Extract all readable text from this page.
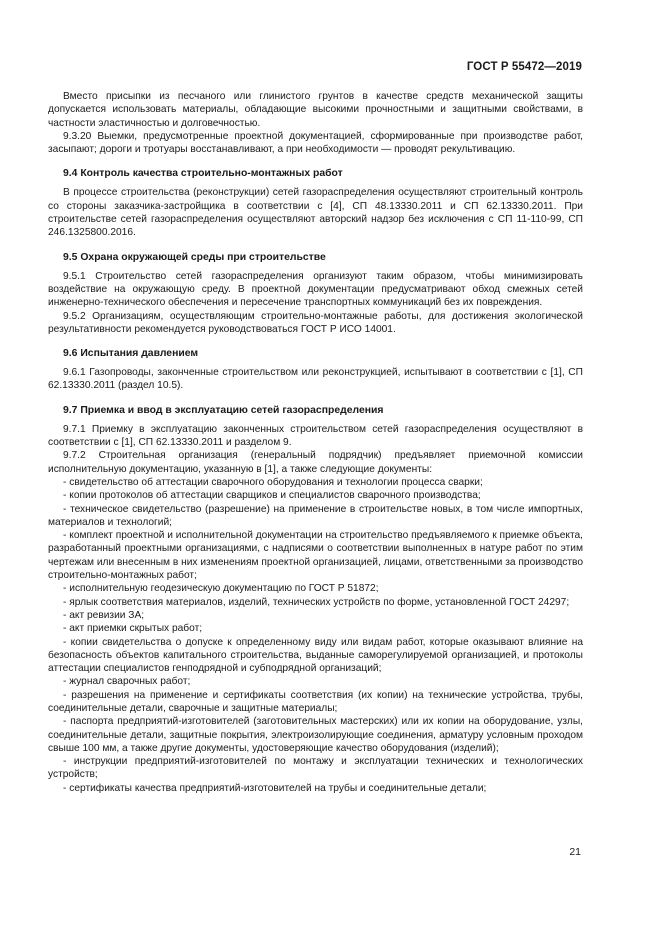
ГОСТ Р 55472—2019

Вместо присыпки из песчаного или глинистого грунтов в качестве средств механической защиты допускается использовать материалы, обладающие высокими прочностными и защитными свойствами, в частности эластичностью и долговечностью.

9.3.20 Выемки, предусмотренные проектной документацией, сформированные при производстве работ, засыпают; дороги и тротуары восстанавливают, а при необходимости — проводят рекультивацию.

9.4 Контроль качества строительно-монтажных работ

В процессе строительства (реконструкции) сетей газораспределения осуществляют строительный контроль со стороны заказчика-застройщика в соответствии с [4], СП 48.13330.2011 и СП 62.13330.2011. При строительстве сетей газораспределения осуществляют авторский надзор без исключения с СП 11-110-99, СП 246.1325800.2016.

9.5 Охрана окружающей среды при строительстве

9.5.1 Строительство сетей газораспределения организуют таким образом, чтобы минимизировать воздействие на окружающую среду. В проектной документации предусматривают обход смежных сетей инженерно-технического обеспечения и пересечение транспортных коммуникаций без их повреждения.

9.5.2 Организациям, осуществляющим строительно-монтажные работы, для достижения экологической результативности рекомендуется руководствоваться ГОСТ Р ИСО 14001.

9.6 Испытания давлением

9.6.1 Газопроводы, законченные строительством или реконструкцией, испытывают в соответствии с [1], СП 62.13330.2011 (раздел 10.5).

9.7 Приемка и ввод в эксплуатацию сетей газораспределения

9.7.1 Приемку в эксплуатацию законченных строительством сетей газораспределения осуществляют в соответствии с [1], СП 62.13330.2011 и разделом 9.

9.7.2 Строительная организация (генеральный подрядчик) предъявляет приемочной комиссии исполнительную документацию, указанную в [1], а также следующие документы:

- свидетельство об аттестации сварочного оборудования и технологии процесса сварки;
- копии протоколов об аттестации сварщиков и специалистов сварочного производства;
- техническое свидетельство (разрешение) на применение в строительстве новых, в том числе импортных, материалов и технологий;
- комплект проектной и исполнительной документации на строительство предъявляемого к приемке объекта, разработанный проектными организациями, с надписями о соответствии выполненных в натуре работ по этим чертежам или внесенным в них изменениям проектной организацией, лицами, ответственными за производство строительно-монтажных работ;
- исполнительную геодезическую документацию по ГОСТ Р 51872;
- ярлык соответствия материалов, изделий, технических устройств по форме, установленной ГОСТ 24297;
- акт ревизии ЗА;
- акт приемки скрытых работ;
- копии свидетельства о допуске к определенному виду или видам работ, которые оказывают влияние на безопасность объектов капитального строительства, выданные саморегулируемой организацией, и протоколы аттестации специалистов генподрядной и субподрядной организаций;
- журнал сварочных работ;
- разрешения на применение и сертификаты соответствия (их копии) на технические устройства, трубы, соединительные детали, сварочные и защитные материалы;
- паспорта предприятий-изготовителей (заготовительных мастерских) или их копии на оборудование, узлы, соединительные детали, защитные покрытия, электроизолирующие соединения, арматуру условным проходом свыше 100 мм, а также другие документы, удостоверяющие качество оборудования (изделий);
- инструкции предприятий-изготовителей по монтажу и эксплуатации технических и технологических устройств;
- сертификаты качества предприятий-изготовителей на трубы и соединительные детали;
21
